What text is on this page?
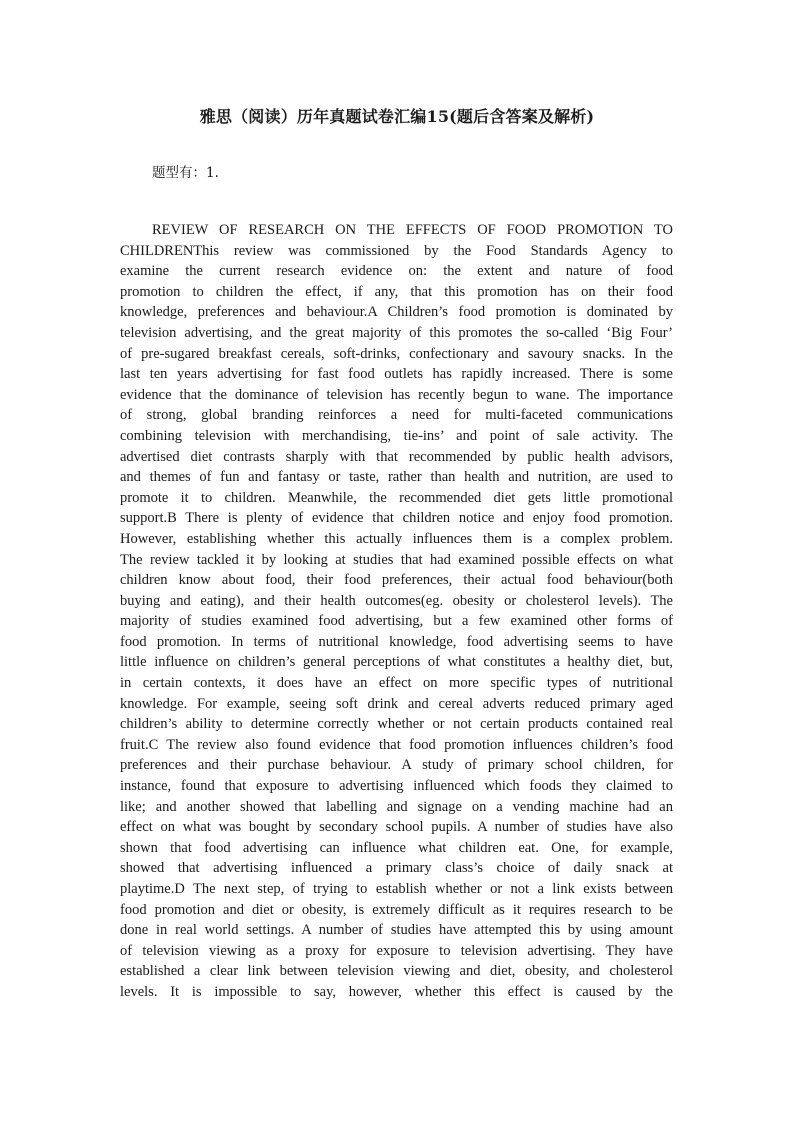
雅思（阅读）历年真题试卷汇编15(题后含答案及解析)
题型有：1.
REVIEW OF RESEARCH ON THE EFFECTS OF FOOD PROMOTION TO
CHILDRENThis review was commissioned by the Food Standards Agency to
examine the current research evidence on: the extent and nature of food
promotion to children the effect, if any, that this promotion has on their food
knowledge, preferences and behaviour.A Children’s food promotion is dominated by
television advertising, and the great majority of this promotes the so-called ‘Big Four’
of pre-sugared breakfast cereals, soft-drinks, confectionary and savoury snacks. In the
last ten years advertising for fast food outlets has rapidly increased. There is some
evidence that the dominance of television has recently begun to wane. The importance
of strong, global branding reinforces a need for multi-faceted communications
combining television with merchandising, tie-ins’ and point of sale activity. The
advertised diet contrasts sharply with that recommended by public health advisors,
and themes of fun and fantasy or taste, rather than health and nutrition, are used to
promote it to children. Meanwhile, the recommended diet gets little promotional
support.B There is plenty of evidence that children notice and enjoy food promotion.
However, establishing whether this actually influences them is a complex problem.
The review tackled it by looking at studies that had examined possible effects on what
children know about food, their food preferences, their actual food behaviour(both
buying and eating), and their health outcomes(eg. obesity or cholesterol levels). The
majority of studies examined food advertising, but a few examined other forms of
food promotion. In terms of nutritional knowledge, food advertising seems to have
little influence on children’s general perceptions of what constitutes a healthy diet, but,
in certain contexts, it does have an effect on more specific types of nutritional
knowledge. For example, seeing soft drink and cereal adverts reduced primary aged
children’s ability to determine correctly whether or not certain products contained real
fruit.C The review also found evidence that food promotion influences children’s food
preferences and their purchase behaviour. A study of primary school children, for
instance, found that exposure to advertising influenced which foods they claimed to
like; and another showed that labelling and signage on a vending machine had an
effect on what was bought by secondary school pupils. A number of studies have also
shown that food advertising can influence what children eat. One, for example,
showed that advertising influenced a primary class’s choice of daily snack at
playtime.D The next step, of trying to establish whether or not a link exists between
food promotion and diet or obesity, is extremely difficult as it requires research to be
done in real world settings. A number of studies have attempted this by using amount
of television viewing as a proxy for exposure to television advertising. They have
established a clear link between television viewing and diet, obesity, and cholesterol
levels. It is impossible to say, however, whether this effect is caused by the
